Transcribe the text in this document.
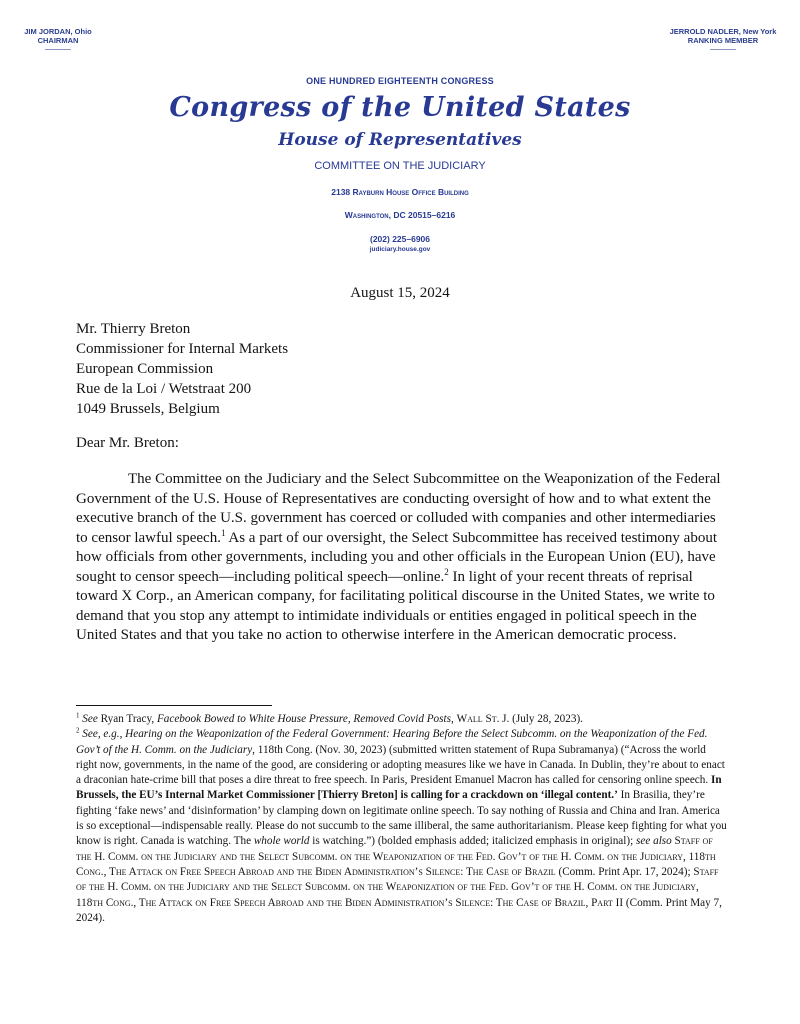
JIM JORDAN, Ohio
CHAIRMAN
JERROLD NADLER, New York
RANKING MEMBER
ONE HUNDRED EIGHTEENTH CONGRESS
Congress of the United States
House of Representatives
COMMITTEE ON THE JUDICIARY
2138 Rayburn House Office Building
Washington, DC 20515–6216
(202) 225–6906
judiciary.house.gov
August 15, 2024
Mr. Thierry Breton
Commissioner for Internal Markets
European Commission
Rue de la Loi / Wetstraat 200
1049 Brussels, Belgium
Dear Mr. Breton:
The Committee on the Judiciary and the Select Subcommittee on the Weaponization of the Federal Government of the U.S. House of Representatives are conducting oversight of how and to what extent the executive branch of the U.S. government has coerced or colluded with companies and other intermediaries to censor lawful speech.$^1$ As a part of our oversight, the Select Subcommittee has received testimony about how officials from other governments, including you and other officials in the European Union (EU), have sought to censor speech—including political speech—online.$^2$ In light of your recent threats of reprisal toward X Corp., an American company, for facilitating political discourse in the United States, we write to demand that you stop any attempt to intimidate individuals or entities engaged in political speech in the United States and that you take no action to otherwise interfere in the American democratic process.

$^1$ See Ryan Tracy, Facebook Bowed to White House Pressure, Removed Covid Posts, Wall St. J. (July 28, 2023).

$^2$ See, e.g., Hearing on the Weaponization of the Federal Government: Hearing Before the Select Subcomm. on the Weaponization of the Fed. Gov’t of the H. Comm. on the Judiciary, 118th Cong. (Nov. 30, 2023) (submitted written statement of Rupa Subramanya) (“Across the world right now, governments, in the name of the good, are considering or adopting measures like we have in Canada. In Dublin, they’re about to enact a draconian hate-crime bill that poses a dire threat to free speech. In Paris, President Emanuel Macron has called for censoring online speech. In Brussels, the EU’s Internal Market Commissioner [Thierry Breton] is calling for a crackdown on ‘illegal content.’ In Brasilia, they’re fighting ‘fake news’ and ‘disinformation’ by clamping down on legitimate online speech. To say nothing of Russia and China and Iran. America is so exceptional—indispensable really. Please do not succumb to the same illiberal, the same authoritarianism. Please keep fighting for what you know is right. Canada is watching. The whole world is watching.”) (bolded emphasis added; italicized emphasis in original); see also Staff of the H. Comm. on the Judiciary and the Select Subcomm. on the Weaponization of the Fed. Gov’t of the H. Comm. on the Judiciary, 118th Cong., The Attack on Free Speech Abroad and the Biden Administration’s Silence: The Case of Brazil (Comm. Print Apr. 17, 2024); Staff of the H. Comm. on the Judiciary and the Select Subcomm. on the Weaponization of the Fed. Gov’t of the H. Comm. on the Judiciary, 118th Cong., The Attack on Free Speech Abroad and the Biden Administration’s Silence: The Case of Brazil, Part II (Comm. Print May 7, 2024).
